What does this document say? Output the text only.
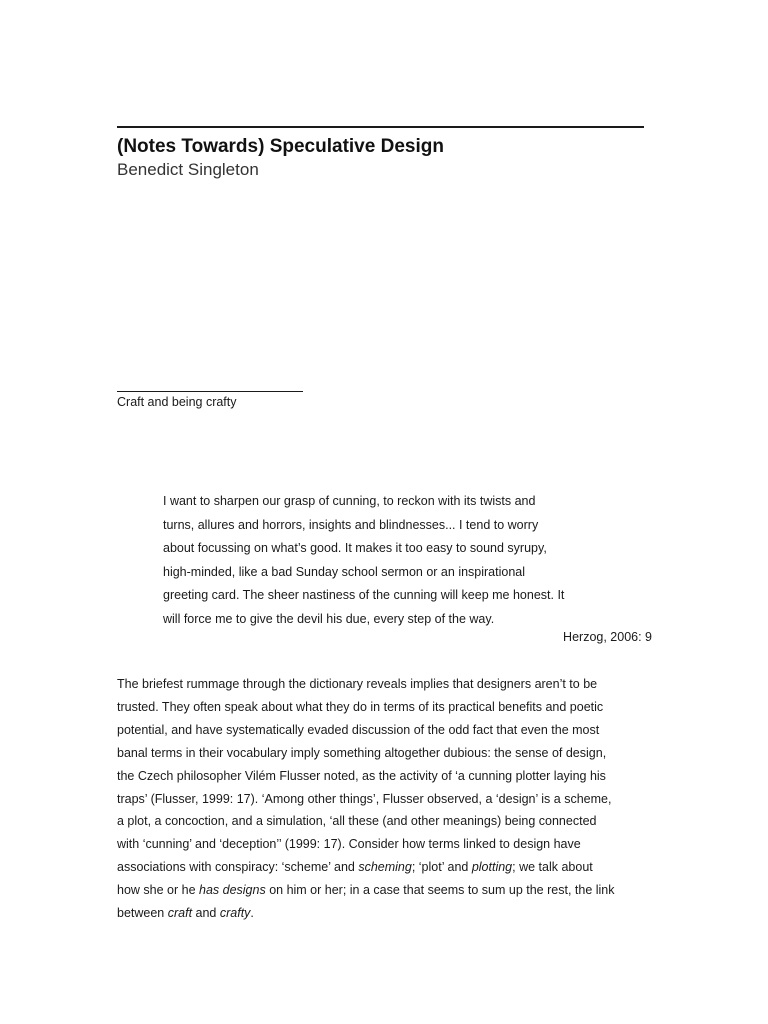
(Notes Towards) Speculative Design
Benedict Singleton
Craft and being crafty
I want to sharpen our grasp of cunning, to reckon with its twists and
turns, allures and horrors, insights and blindnesses... I tend to worry
about focussing on what’s good. It makes it too easy to sound syrupy,
high-minded, like a bad Sunday school sermon or an inspirational
greeting card. The sheer nastiness of the cunning will keep me honest. It
will force me to give the devil his due, every step of the way.
Herzog, 2006: 9
The briefest rummage through the dictionary reveals implies that designers aren’t to be
trusted. They often speak about what they do in terms of its practical benefits and poetic
potential, and have systematically evaded discussion of the odd fact that even the most
banal terms in their vocabulary imply something altogether dubious: the sense of design,
the Czech philosopher Vilém Flusser noted, as the activity of ‘a cunning plotter laying his
traps’ (Flusser, 1999: 17). ‘Among other things’, Flusser observed, a ‘design’ is a scheme,
a plot, a concoction, and a simulation, ‘all these (and other meanings) being connected
with ‘cunning’ and ‘deception’’ (1999: 17). Consider how terms linked to design have
associations with conspiracy: ‘scheme’ and scheming; ‘plot’ and plotting; we talk about
how she or he has designs on him or her; in a case that seems to sum up the rest, the link
between craft and crafty.
